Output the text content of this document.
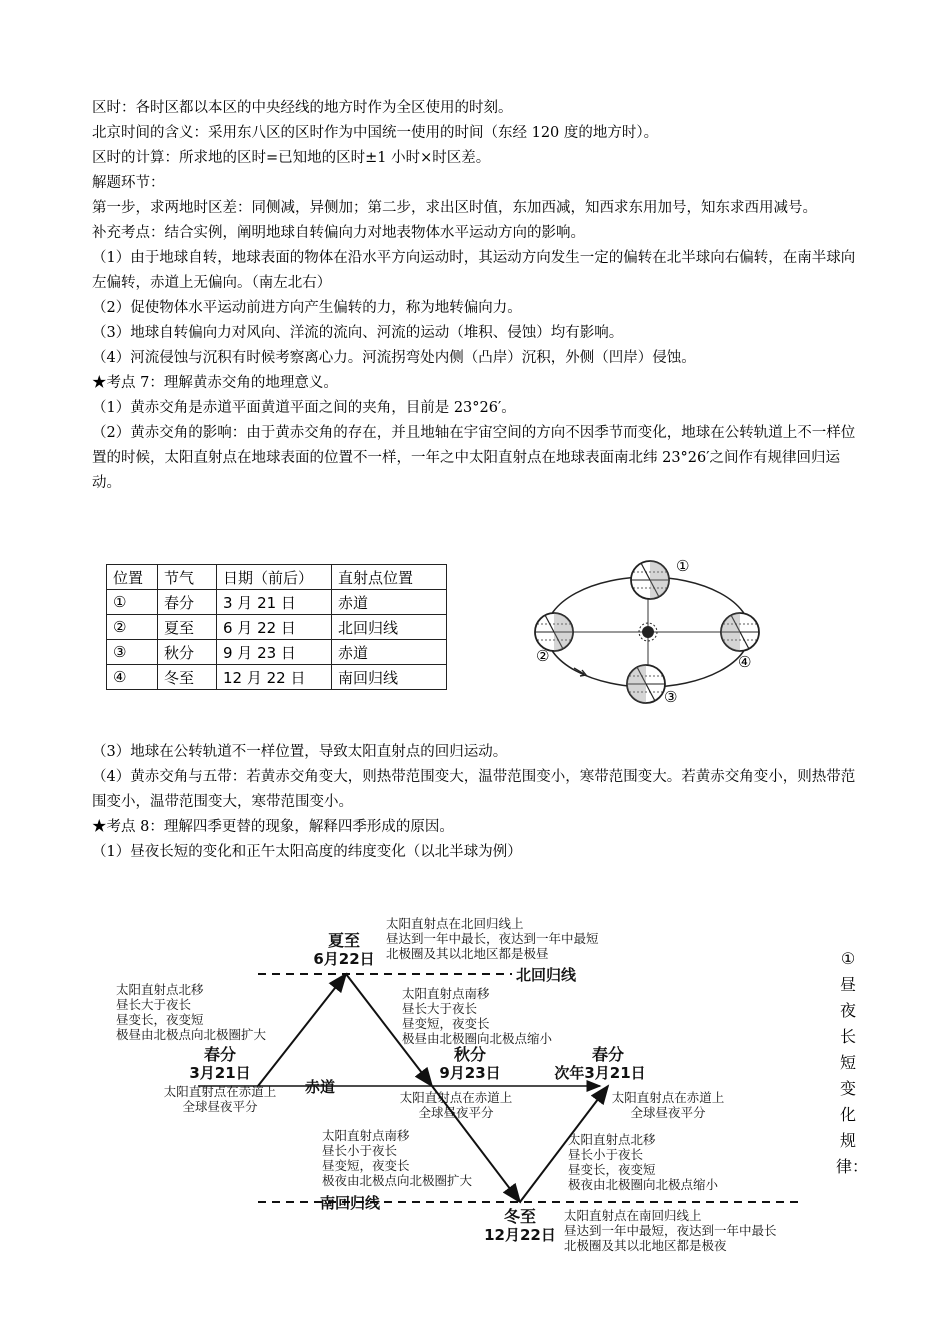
区时：各时区都以本区的中央经线的地方时作为全区使用的时刻。

北京时间的含义：采用东八区的区时作为中国统一使用的时间（东经 120 度的地方时）。

区时的计算：所求地的区时=已知地的区时±1 小时×时区差。

解题环节：

第一步，求两地时区差：同侧减，异侧加；第二步，求出区时值，东加西减，知西求东用加号，知东求西用减号。

补充考点：结合实例，阐明地球自转偏向力对地表物体水平运动方向的影响。

（1）由于地球自转，地球表面的物体在沿水平方向运动时，其运动方向发生一定的偏转在北半球向右偏转，在南半球向左偏转，赤道上无偏向。（南左北右）

（2）促使物体水平运动前进方向产生偏转的力，称为地转偏向力。

（3）地球自转偏向力对风向、洋流的流向、河流的运动（堆积、侵蚀）均有影响。

（4）河流侵蚀与沉积有时候考察离心力。河流拐弯处内侧（凸岸）沉积，外侧（凹岸）侵蚀。

★考点 7：理解黄赤交角的地理意义。

（1）黄赤交角是赤道平面黄道平面之间的夹角，目前是 23°26′。

（2）黄赤交角的影响：由于黄赤交角的存在，并且地轴在宇宙空间的方向不因季节而变化，地球在公转轨道上不一样位置的时候，太阳直射点在地球表面的位置不一样，一年之中太阳直射点在地球表面南北纬 23°26′之间作有规律回归运动。

位置	节气	日期（前后）	直射点位置
①	春分	3 月 21 日	赤道
②	夏至	6 月 22 日	北回归线
③	秋分	9 月 23 日	赤道
④	冬至	12 月 22 日	南回归线
①
②
③
④

（3）地球在公转轨道不一样位置，导致太阳直射点的回归运动。

（4）黄赤交角与五带：若黄赤交角变大，则热带范围变大，温带范围变小，寒带范围变大。若黄赤交角变小，则热带范围变小，温带范围变大，寒带范围变小。

★考点 8：理解四季更替的现象，解释四季形成的原因。

（1）昼夜长短的变化和正午太阳高度的纬度变化（以北半球为例）

北回归线
赤道
南回归线
夏至
6月22日
春分
3月21日
秋分
9月23日
春分
次年3月21日
冬至
12月22日
太阳直射点在北回归线上
昼达到一年中最长，夜达到一年中最短
北极圈及其以北地区都是极昼
太阳直射点在赤道上
全球昼夜平分
太阳直射点在赤道上
全球昼夜平分
太阳直射点在赤道上
全球昼夜平分
太阳直射点在南回归线上
昼达到一年中最短，夜达到一年中最长
北极圈及其以北地区都是极夜
太阳直射点北移
昼长大于夜长
昼变长，夜变短
极昼由北极点向北极圈扩大
太阳直射点南移
昼长大于夜长
昼变短，夜变长
极昼由北极圈向北极点缩小
太阳直射点南移
昼长小于夜长
昼变短，夜变长
极夜由北极点向北极圈扩大
太阳直射点北移
昼长小于夜长
昼变长，夜变短
极夜由北极圈向北极点缩小
①
昼
夜
长
短
变
化
规
律：
